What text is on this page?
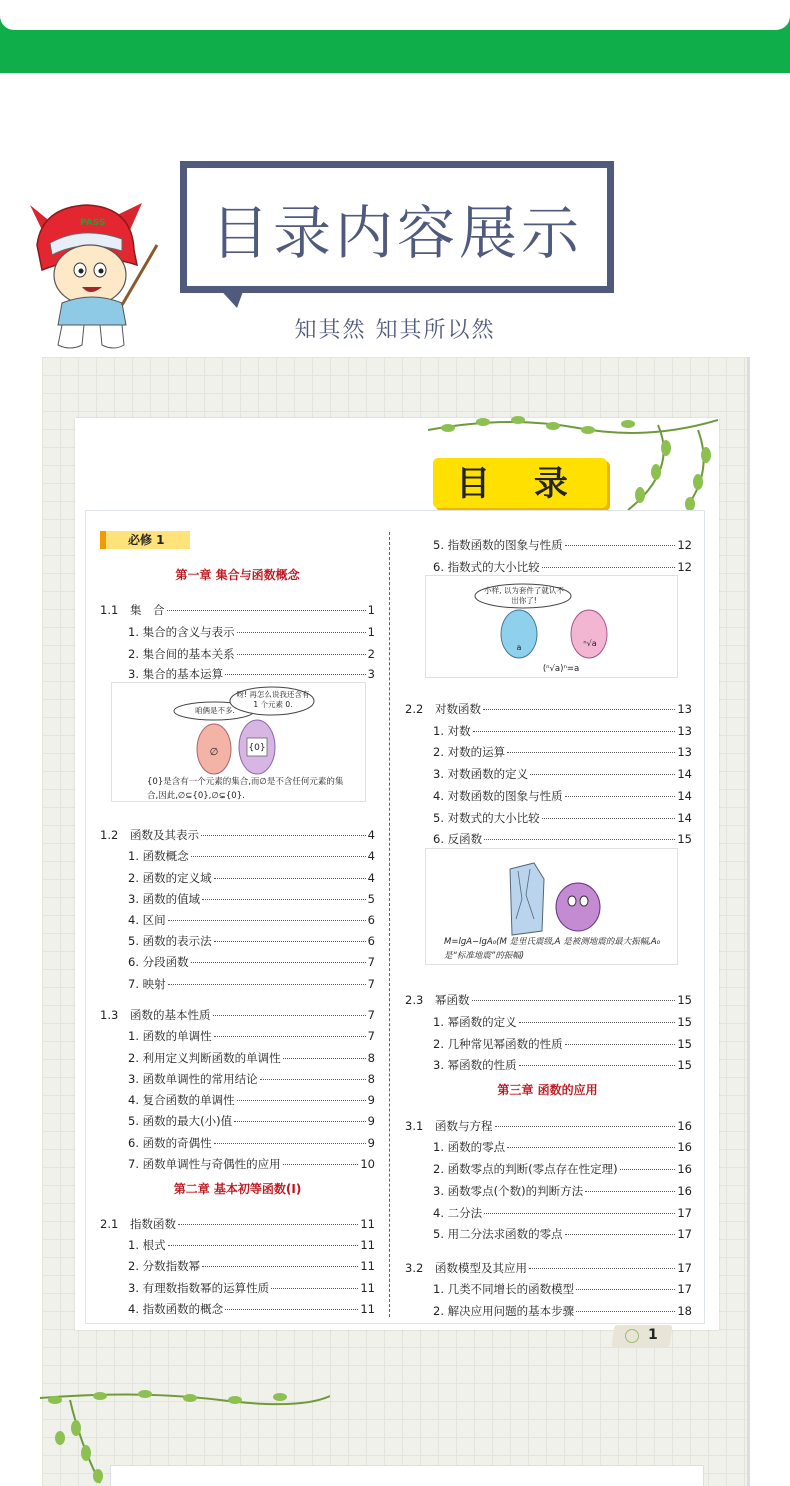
PASS	目录内容展示
知其然 知其所以然
目 录
必修 1
第一章 集合与函数概念
第二章 基本初等函数(Ⅰ)
第三章 函数的应用
1.1	集　合	1
1. 集合的含义与表示	1
2. 集合间的基本关系	2
3. 集合的基本运算	3
1.2	函数及其表示	4
1. 函数概念	4
2. 函数的定义域	4
3. 函数的值域	5
4. 区间	6
5. 函数的表示法	6
6. 分段函数	7
7. 映射	7
1.3	函数的基本性质	7
1. 函数的单调性	7
2. 利用定义判断函数的单调性	8
3. 函数单调性的常用结论	8
4. 复合函数的单调性	9
5. 函数的最大(小)值	9
6. 函数的奇偶性	9
7. 函数单调性与奇偶性的应用	10
2.1	指数函数	11
1. 根式	11
2. 分数指数幂	11
3. 有理数指数幂的运算性质	11
4. 指数函数的概念	11
5. 指数函数的图象与性质	12
6. 指数式的大小比较	12
2.2	对数函数	13
1. 对数	13
2. 对数的运算	13
3. 对数函数的定义	14
4. 对数函数的图象与性质	14
5. 对数式的大小比较	14
6. 反函数	15
2.3	幂函数	15
1. 幂函数的定义	15
2. 几种常见幂函数的性质	15
3. 幂函数的性质	15
3.1	函数与方程	16
1. 函数的零点	16
2. 函数零点的判断(零点存在性定理)	16
3. 函数零点(个数)的判断方法	16
4. 二分法	17
5. 用二分法求函数的零点	17
3.2	函数模型及其应用	17
1. 几类不同增长的函数模型	17
2. 解决应用问题的基本步骤	18
咱俩是不多.
呀! 再怎么说我还含有 1 个元素 0.
∅	{0}
{0}是含有一个元素的集合,而∅是不含任何元素的集合,因此,∅⊆{0},∅⊊{0}.
小样, 以为套件了就认不出你了!
a	ⁿ√a
(ⁿ√a)ⁿ=a
M=lgA−lgA₀(M 是里氏震级,A 是被测地震的最大振幅,A₀是“标准地震”的振幅)
1
